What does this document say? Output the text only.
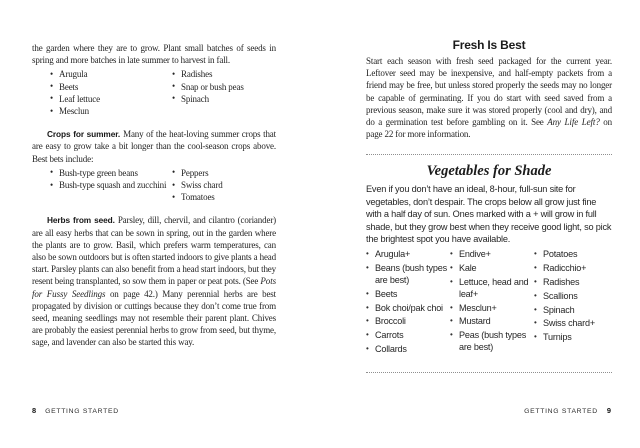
the garden where they are to grow. Plant small batches of seeds in spring and more batches in late summer to harvest in fall.

• Arugula
• Beets
• Leaf lettuce
• Mesclun
• Radishes
• Snap or bush peas
• Spinach

Crops for summer. Many of the heat-loving summer crops that are easy to grow take a bit longer than the cool-season crops above. Best bets include:

• Bush-type green beans
• Bush-type squash and zucchini
• Peppers
• Swiss chard
• Tomatoes

Herbs from seed. Parsley, dill, chervil, and cilantro (coriander) are all easy herbs that can be sown in spring, out in the garden where the plants are to grow. Basil, which prefers warm temperatures, can also be sown outdoors but is often started indoors to give plants a head start. Parsley plants can also benefit from a head start indoors, but they resent being transplanted, so sow them in paper or peat pots. (See Pots for Fussy Seedlings on page 42.) Many perennial herbs are best propagated by division or cuttings because they don’t come true from seed, meaning seedlings may not resemble their parent plant. Chives are probably the easiest perennial herbs to grow from seed, but thyme, sage, and lavender can also be started this way.

Fresh Is Best

Start each season with fresh seed packaged for the current year. Leftover seed may be inexpensive, and half-empty packets from a friend may be free, but unless stored properly the seeds may no longer be capable of germinating. If you do start with seed saved from a previous season, make sure it was stored properly (cool and dry), and do a germination test before gambling on it. See Any Life Left? on page 22 for more information.

Vegetables for Shade

Even if you don’t have an ideal, 8-hour, full-sun site for vegetables, don’t despair. The crops below all grow just fine with a half day of sun. Ones marked with a + will grow in full shade, but they grow best when they receive good light, so pick the brightest spot you have available.

• Arugula+
• Beans (bush types are best)
• Beets
• Bok choi/pak choi
• Broccoli
• Carrots
• Collards
• Endive+
• Kale
• Lettuce, head and leaf+
• Mesclun+
• Mustard
• Peas (bush types are best)
• Potatoes
• Radicchio+
• Radishes
• Scallions
• Spinach
• Swiss chard+
• Turnips
8 GETTING STARTED	GETTING STARTED 9
